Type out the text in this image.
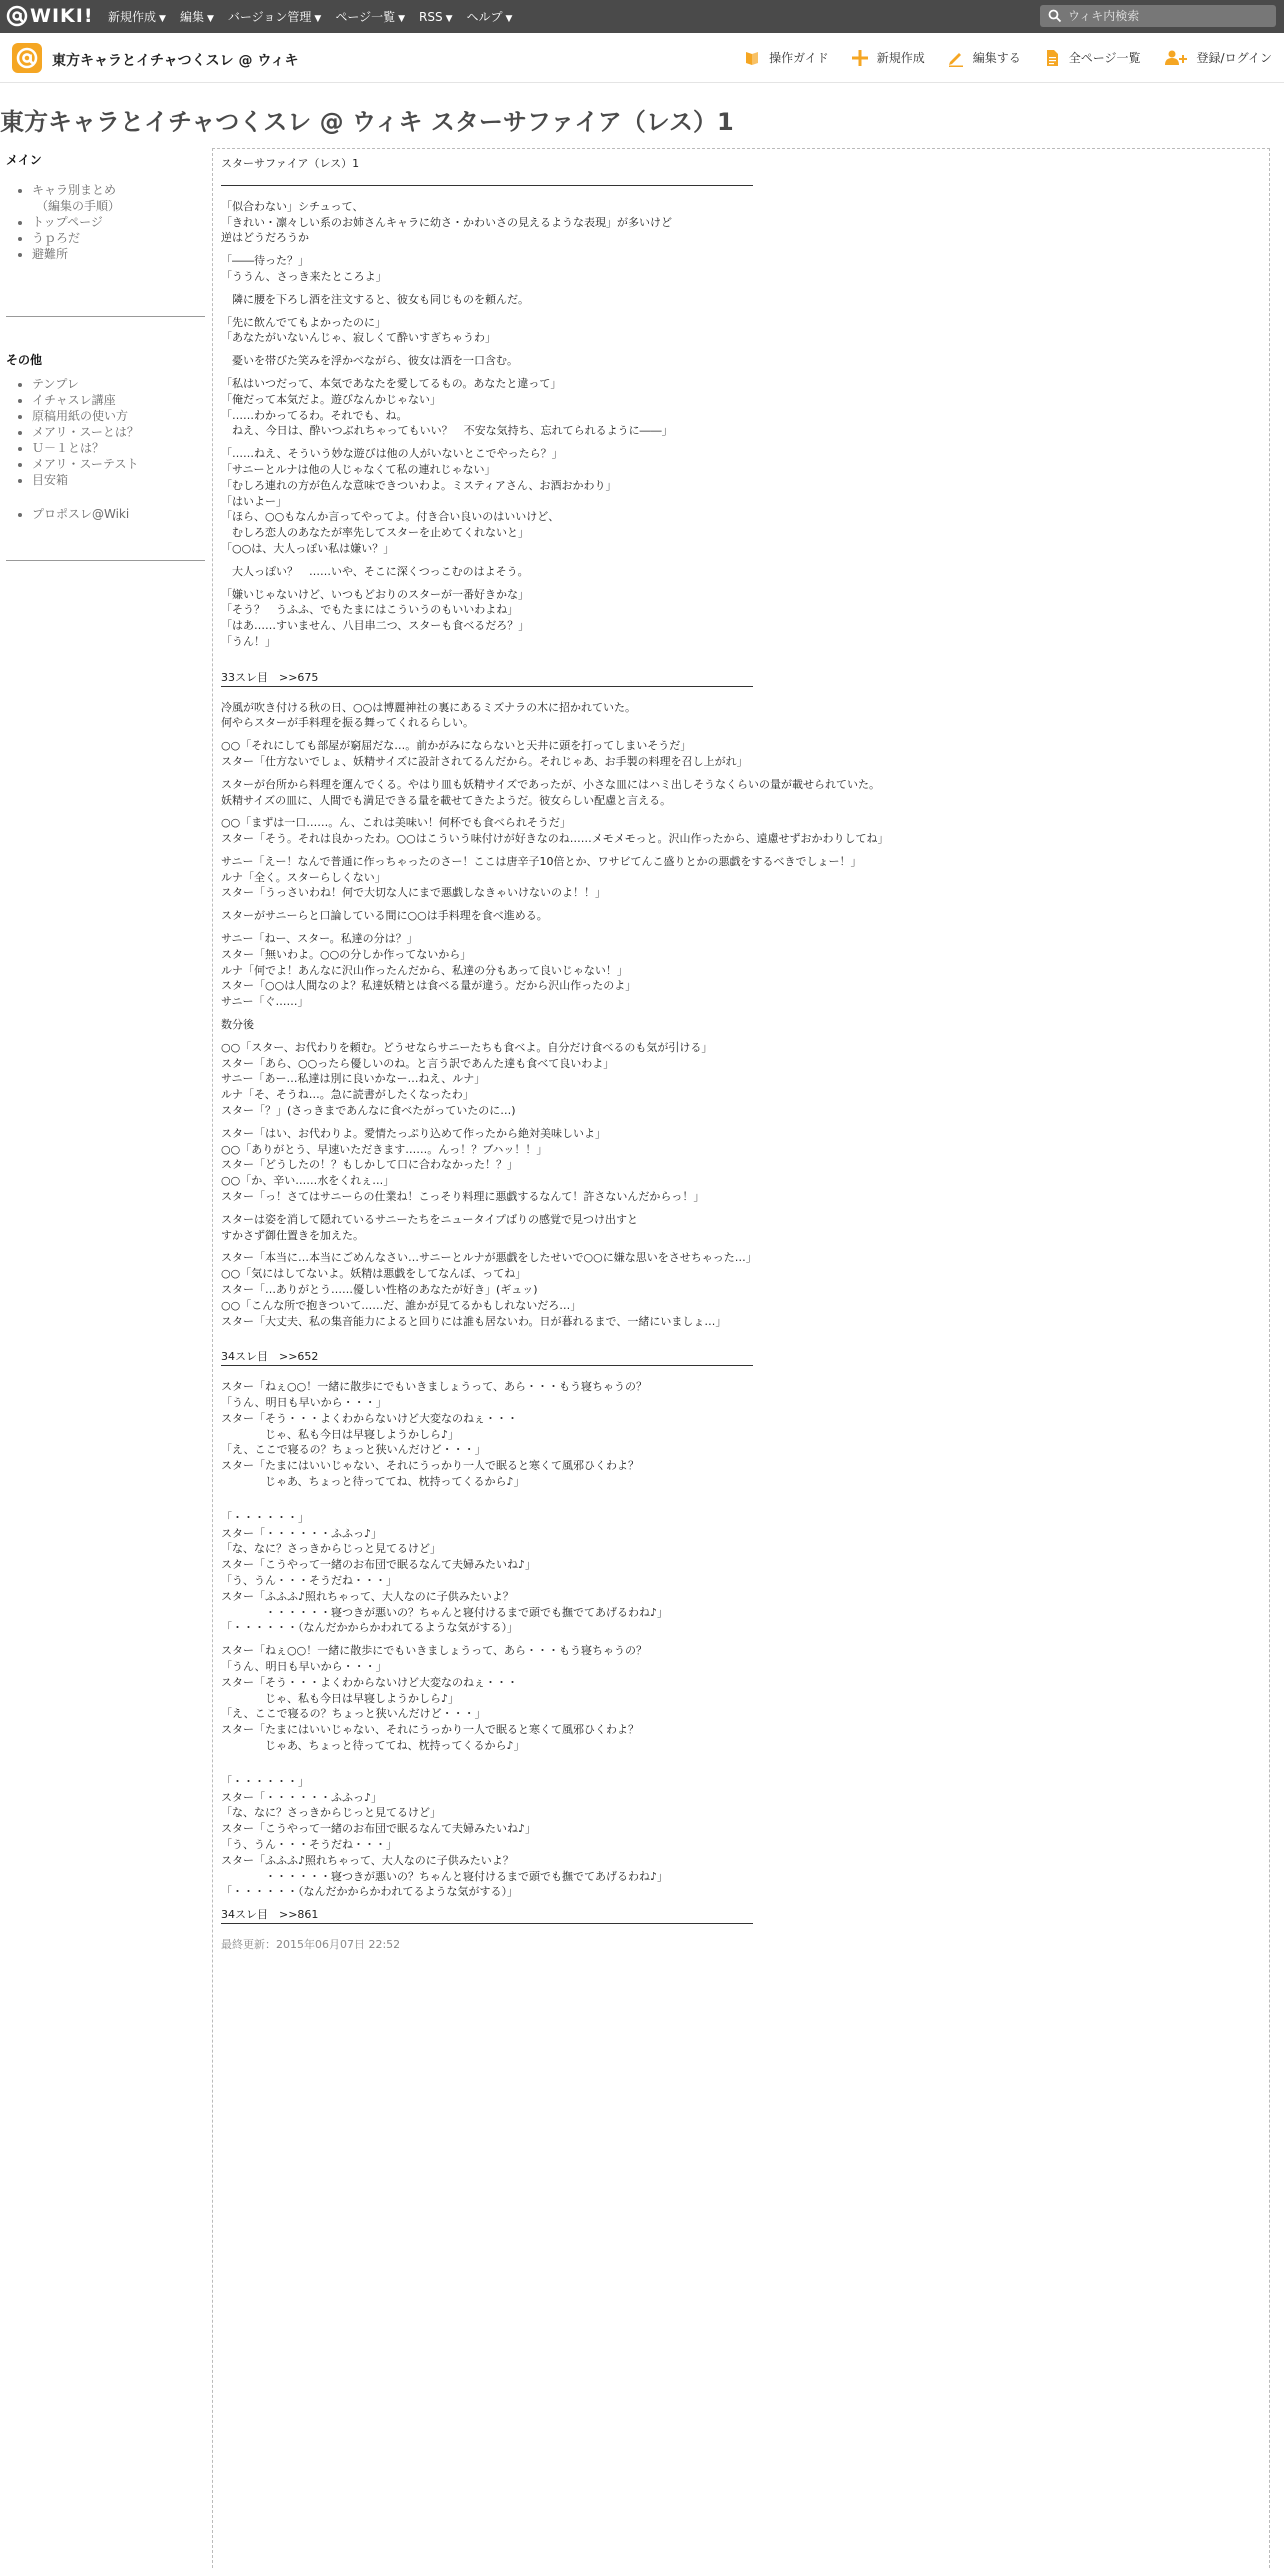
WIKI! 新規作成 ▼ 編集 ▼ バージョン管理 ▼ ページ一覧 ▼ RSS ▼ ヘルプ ▼
ウィキ内検索
東方キャラとイチャつくスレ @ ウィキ	操作ガイド	新規作成	編集する	全ページ一覧	登録/ログイン
東方キャラとイチャつくスレ @ ウィキ スターサファイア（レス）1
メイン
• キャラ別まとめ
（編集の手順）
• トップページ
• うｐろだ
• 避難所
その他
• テンプレ
• イチャスレ講座
• 原稿用紙の使い方
• メアリ・スーとは？
• Ｕ－１とは？
• メアリ・スーテスト
• 目安箱
• プロポスレ@Wiki
スターサファイア（レス）1
「似合わない」シチュって、
「きれい・凛々しい系のお姉さんキャラに幼さ・かわいさの見えるような表現」が多いけど
逆はどうだろうか
「――待った？」
「ううん、さっき来たところよ」
　隣に腰を下ろし酒を注文すると、彼女も同じものを頼んだ。
「先に飲んでてもよかったのに」
「あなたがいないんじゃ、寂しくて酔いすぎちゃうわ」
　憂いを帯びた笑みを浮かべながら、彼女は酒を一口含む。
「私はいつだって、本気であなたを愛してるもの。あなたと違って」
「俺だって本気だよ。遊びなんかじゃない」
「……わかってるわ。それでも、ね。
　ねえ、今日は、酔いつぶれちゃってもいい？　不安な気持ち、忘れてられるように――」
「……ねえ、そういう妙な遊びは他の人がいないとこでやったら？」
「サニーとルナは他の人じゃなくて私の連れじゃない」
「むしろ連れの方が色んな意味できついわよ。ミスティアさん、お酒おかわり」
「はいよー」
「ほら、○○もなんか言ってやってよ。付き合い良いのはいいけど、
　むしろ恋人のあなたが率先してスターを止めてくれないと」
「○○は、大人っぽい私は嫌い？」
　大人っぽい？　……いや、そこに深くつっこむのはよそう。
「嫌いじゃないけど、いつもどおりのスターが一番好きかな」
「そう？　うふふ、でもたまにはこういうのもいいわよね」
「はあ……すいません、八目串二つ、スターも食べるだろ？」
「うん！」
33スレ目　>>675
冷風が吹き付ける秋の日、○○は博麗神社の裏にあるミズナラの木に招かれていた。
何やらスターが手料理を振る舞ってくれるらしい。
○○「それにしても部屋が窮屈だな…。前かがみにならないと天井に頭を打ってしまいそうだ」
スター「仕方ないでしょ、妖精サイズに設計されてるんだから。それじゃあ、お手製の料理を召し上がれ」
スターが台所から料理を運んでくる。やはり皿も妖精サイズであったが、小さな皿にはハミ出しそうなくらいの量が載せられていた。
妖精サイズの皿に、人間でも満足できる量を載せてきたようだ。彼女らしい配慮と言える。
○○「まずは一口……。ん、これは美味い！何杯でも食べられそうだ」
スター「そう。それは良かったわ。○○はこういう味付けが好きなのね……メモメモっと。沢山作ったから、遠慮せずおかわりしてね」
サニー「えー！なんで普通に作っちゃったのさー！ここは唐辛子10倍とか、ワサビてんこ盛りとかの悪戯をするべきでしょー！」
ルナ「全く。スターらしくない」
スター「うっさいわね！何で大切な人にまで悪戯しなきゃいけないのよ！！」
スターがサニーらと口論している間に○○は手料理を食べ進める。
サニー「ねー、スター。私達の分は？」
スター「無いわよ。○○の分しか作ってないから」
ルナ「何でよ！あんなに沢山作ったんだから、私達の分もあって良いじゃない！」
スター「○○は人間なのよ？私達妖精とは食べる量が違う。だから沢山作ったのよ」
サニー「ぐ……」
数分後
○○「スター、お代わりを頼む。どうせならサニーたちも食べよ。自分だけ食べるのも気が引ける」
スター「あら、○○ったら優しいのね。と言う訳であんた達も食べて良いわよ」
サニー「あー…私達は別に良いかなー…ねえ、ルナ」
ルナ「そ、そうね…。急に読書がしたくなったわ」
スター「？」(さっきまであんなに食べたがっていたのに…)
スター「はい、お代わりよ。愛情たっぷり込めて作ったから絶対美味しいよ」
○○「ありがとう、早速いただきます……。んっ！？ブハッ！！」
スター「どうしたの！？もしかして口に合わなかった！？」
○○「か、辛い……水をくれぇ…」
スター「っ！さてはサニーらの仕業ね！こっそり料理に悪戯するなんて！許さないんだからっ！」
スターは姿を消して隠れているサニーたちをニュータイプばりの感覚で見つけ出すと
すかさず御仕置きを加えた。
スター「本当に…本当にごめんなさい…サニーとルナが悪戯をしたせいで○○に嫌な思いをさせちゃった…」
○○「気にはしてないよ。妖精は悪戯をしてなんぼ、ってね」
スター「…ありがとう……優しい性格のあなたが好き」(ギュッ)
○○「こんな所で抱きついて……だ、誰かが見てるかもしれないだろ…」
スター「大丈夫、私の集音能力によると回りには誰も居ないわ。日が暮れるまで、一緒にいましょ…」
34スレ目　>>652
スター「ねぇ○○！一緒に散歩にでもいきましょうって、あら・・・もう寝ちゃうの？
「うん、明日も早いから・・・」
スター「そう・・・よくわからないけど大変なのねぇ・・・
　　　　じゃ、私も今日は早寝しようかしら♪」
「え、ここで寝るの？ちょっと狭いんだけど・・・」
スター「たまにはいいじゃない、それにうっかり一人で眠ると寒くて風邪ひくわよ？
　　　　じゃあ、ちょっと待っててね、枕持ってくるから♪」
「・・・・・・」
スター「・・・・・・ふふっ♪」
「な、なに？さっきからじっと見てるけど」
スター「こうやって一緒のお布団で眠るなんて夫婦みたいね♪」
「う、うん・・・そうだね・・・」
スター「ふふふ♪照れちゃって、大人なのに子供みたいよ？
　　　　・・・・・・寝つきが悪いの？ちゃんと寝付けるまで頭でも撫でてあげるわね♪」
「・・・・・・（なんだかからかわれてるような気がする）」
スター「ねぇ○○！一緒に散歩にでもいきましょうって、あら・・・もう寝ちゃうの？
「うん、明日も早いから・・・」
スター「そう・・・よくわからないけど大変なのねぇ・・・
　　　　じゃ、私も今日は早寝しようかしら♪」
「え、ここで寝るの？ちょっと狭いんだけど・・・」
スター「たまにはいいじゃない、それにうっかり一人で眠ると寒くて風邪ひくわよ？
　　　　じゃあ、ちょっと待っててね、枕持ってくるから♪」
「・・・・・・」
スター「・・・・・・ふふっ♪」
「な、なに？さっきからじっと見てるけど」
スター「こうやって一緒のお布団で眠るなんて夫婦みたいね♪」
「う、うん・・・そうだね・・・」
スター「ふふふ♪照れちゃって、大人なのに子供みたいよ？
　　　　・・・・・・寝つきが悪いの？ちゃんと寝付けるまで頭でも撫でてあげるわね♪」
「・・・・・・（なんだかからかわれてるような気がする）」
34スレ目　>>861
最終更新：2015年06月07日 22:52
